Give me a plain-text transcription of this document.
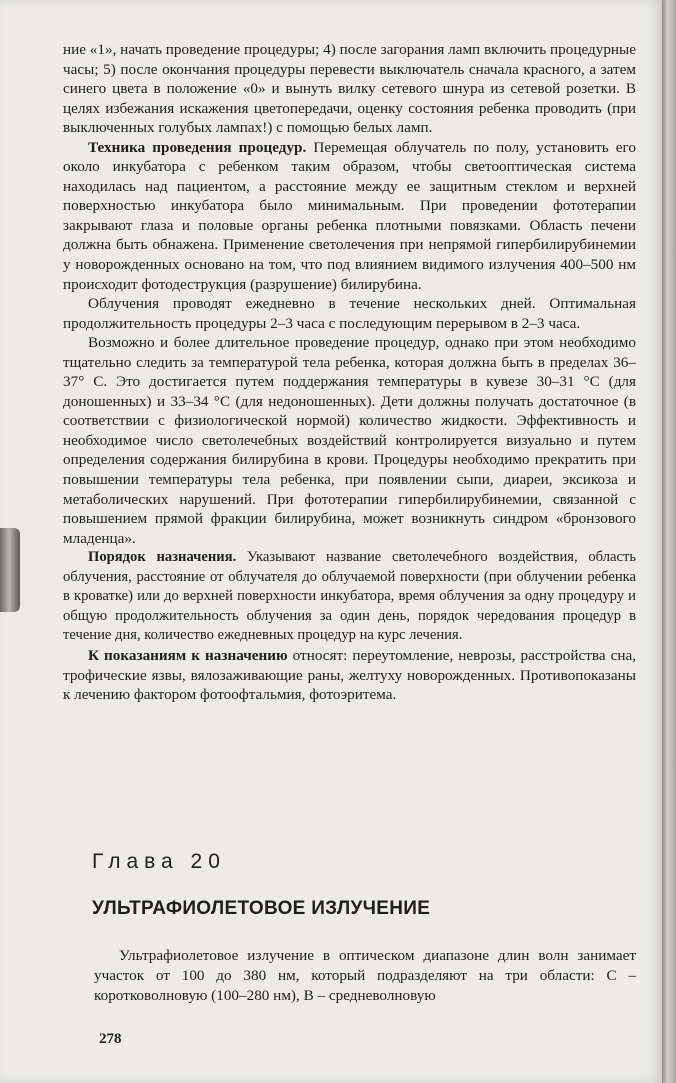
ние «1», начать проведение процедуры; 4) после загорания ламп включить процедурные часы; 5) после окончания процедуры перевести выключатель сначала красного, а затем синего цвета в положение «0» и вынуть вилку сетевого шнура из сетевой розетки. В целях избежания искажения цветопередачи, оценку состояния ребенка проводить (при выключенных голубых лампах!) с помощью белых ламп.

Техника проведения процедур. Перемещая облучатель по полу, установить его около инкубатора с ребенком таким образом, чтобы светооптическая система находилась над пациентом, а расстояние между ее защитным стеклом и верхней поверхностью инкубатора было минимальным. При проведении фототерапии закрывают глаза и половые органы ребенка плотными повязками. Область печени должна быть обнажена. Применение светолечения при непрямой гипербилирубинемии у новорожденных основано на том, что под влиянием видимого излучения 400–500 нм происходит фотодеструкция (разрушение) билирубина.

Облучения проводят ежедневно в течение нескольких дней. Оптимальная продолжительность процедуры 2–3 часа с последующим перерывом в 2–3 часа.

Возможно и более длительное проведение процедур, однако при этом необходимо тщательно следить за температурой тела ребенка, которая должна быть в пределах 36–37° С. Это достигается путем поддержания температуры в кувезе 30–31 °С (для доношенных) и 33–34 °С (для недоношенных). Дети должны получать достаточное (в соответствии с физиологической нормой) количество жидкости. Эффективность и необходимое число светолечебных воздействий контролируется визуально и путем определения содержания билирубина в крови. Процедуры необходимо прекратить при повышении температуры тела ребенка, при появлении сыпи, диареи, эксикоза и метаболических нарушений. При фототерапии гипербилирубинемии, связанной с повышением прямой фракции билирубина, может возникнуть синдром «бронзового младенца».

Порядок назначения. Указывают название светолечебного воздействия, область облучения, расстояние от облучателя до облучаемой поверхности (при облучении ребенка в кроватке) или до верхней поверхности инкубатора, время облучения за одну процедуру и общую продолжительность облучения за один день, порядок чередования процедур в течение дня, количество ежедневных процедур на курс лечения.

К показаниям к назначению относят: переутомление, неврозы, расстройства сна, трофические язвы, вялозаживающие раны, желтуху новорожденных. Противопоказаны к лечению фактором фотоофтальмия, фотоэритема.

Глава 20
УЛЬТРАФИОЛЕТОВОЕ ИЗЛУЧЕНИЕ

Ультрафиолетовое излучение в оптическом диапазоне длин волн занимает участок от 100 до 380 нм, который подразделяют на три области: С – коротковолновую (100–280 нм), В – средневолновую

278
